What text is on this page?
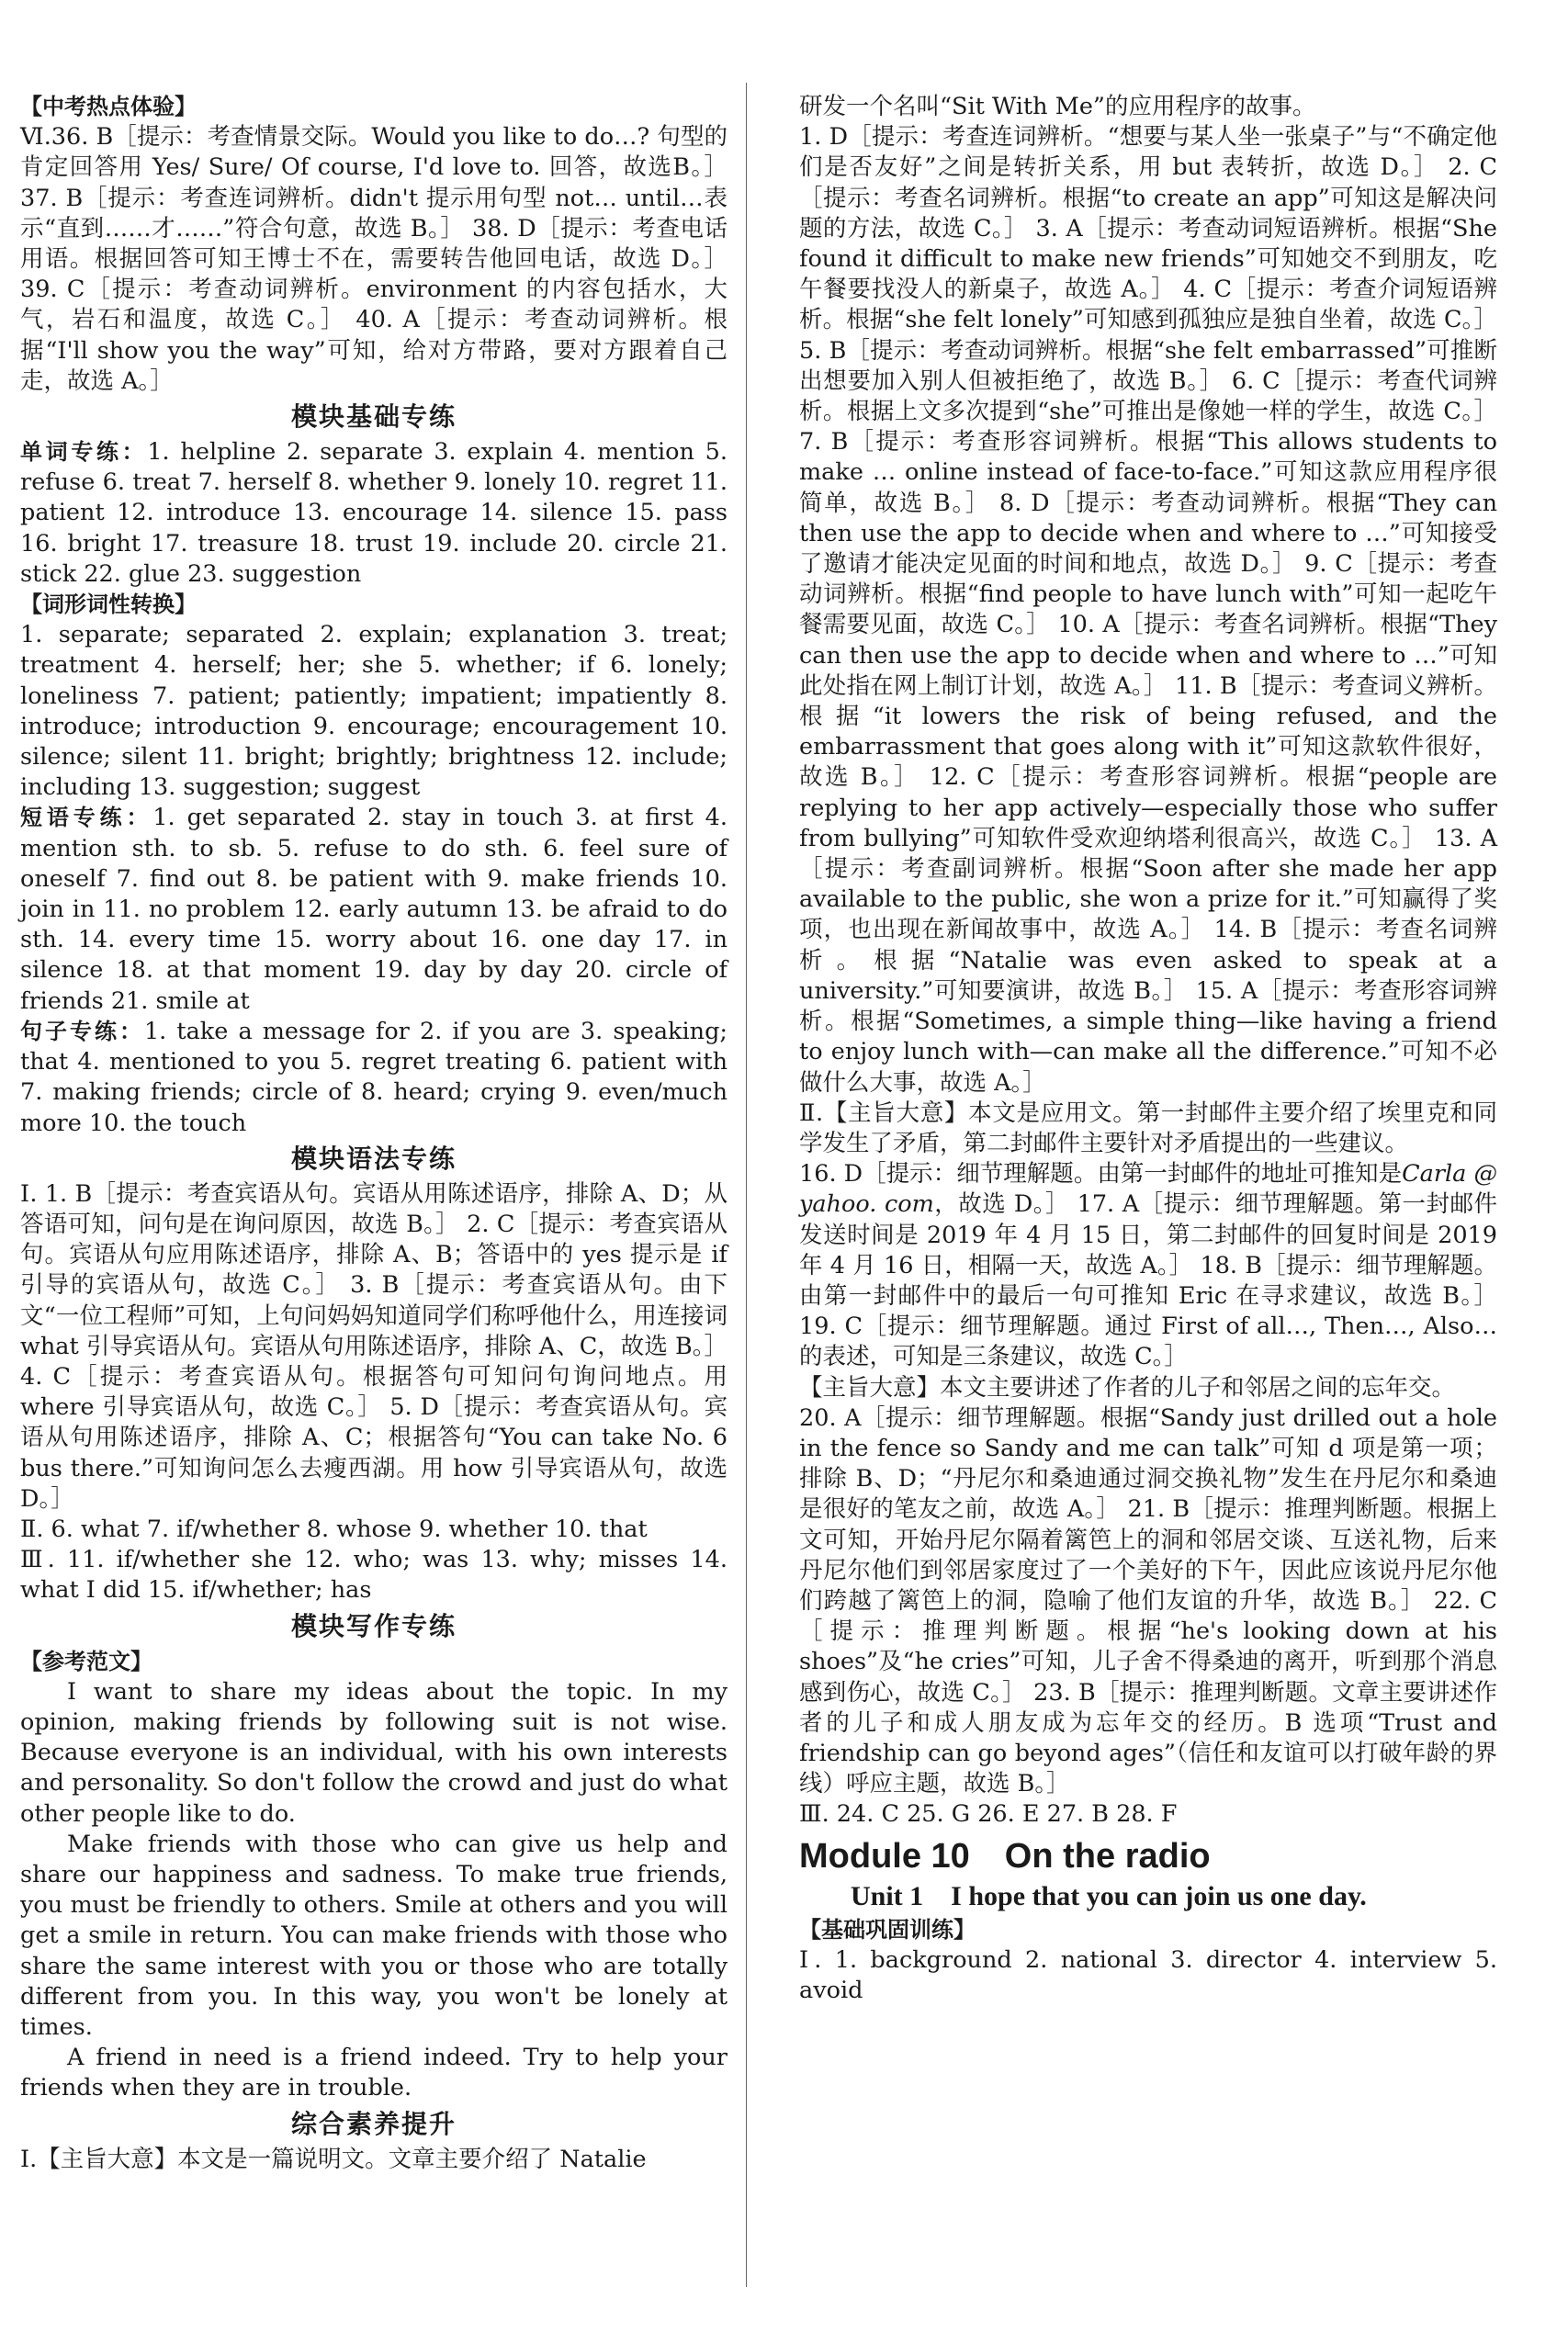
【中考热点体验】
Ⅵ.36. B［提示：考查情景交际。Would you like to do…? 句型的肯定回答用 Yes/ Sure/ Of course, I'd love to. 回答，故选B。］ 37. B［提示：考查连词辨析。didn't 提示用句型 not… until…表示“直到……才……”符合句意，故选 B。］ 38. D［提示：考查电话用语。根据回答可知王博士不在，需要转告他回电话，故选 D。］ 39. C［提示：考查动词辨析。environment 的内容包括水，大气，岩石和温度，故选 C。］ 40. A［提示：考查动词辨析。根据“I'll show you the way”可知，给对方带路，要对方跟着自己走，故选 A。］

模块基础专练

单词专练：1. helpline 2. separate 3. explain 4. mention 5. refuse 6. treat 7. herself 8. whether 9. lonely 10. regret 11. patient 12. introduce 13. encourage 14. silence 15. pass 16. bright 17. treasure 18. trust 19. include 20. circle 21. stick 22. glue 23. suggestion

【词形词性转换】
1. separate; separated 2. explain; explanation 3. treat; treatment 4. herself; her; she 5. whether; if 6. lonely; loneliness 7. patient; patiently; impatient; impatiently 8. introduce; introduction 9. encourage; encouragement 10. silence; silent 11. bright; brightly; brightness 12. include; including 13. suggestion; suggest

短语专练：1. get separated 2. stay in touch 3. at first 4. mention sth. to sb. 5. refuse to do sth. 6. feel sure of oneself 7. find out 8. be patient with 9. make friends 10. join in 11. no problem 12. early autumn 13. be afraid to do sth. 14. every time 15. worry about 16. one day 17. in silence 18. at that moment 19. day by day 20. circle of friends 21. smile at

句子专练：1. take a message for 2. if you are 3. speaking; that 4. mentioned to you 5. regret treating 6. patient with 7. making friends; circle of 8. heard; crying 9. even/much more 10. the touch

模块语法专练

Ⅰ. 1. B［提示：考查宾语从句。宾语从用陈述语序，排除 A、D；从答语可知，问句是在询问原因，故选 B。］ 2. C［提示：考查宾语从句。宾语从句应用陈述语序，排除 A、B；答语中的 yes 提示是 if 引导的宾语从句，故选 C。］ 3. B［提示：考查宾语从句。由下文“一位工程师”可知，上句问妈妈知道同学们称呼他什么，用连接词 what 引导宾语从句。宾语从句用陈述语序，排除 A、C，故选 B。］ 4. C［提示：考查宾语从句。根据答句可知问句询问地点。用 where 引导宾语从句，故选 C。］ 5. D［提示：考查宾语从句。宾语从句用陈述语序，排除 A、C；根据答句“You can take No. 6 bus there.”可知询问怎么去瘦西湖。用 how 引导宾语从句，故选 D。］

Ⅱ. 6. what 7. if/whether 8. whose 9. whether 10. that

Ⅲ. 11. if/whether she 12. who; was 13. why; misses 14. what I did 15. if/whether; has

模块写作专练

【参考范文】

I want to share my ideas about the topic. In my opinion, making friends by following suit is not wise. Because everyone is an individual, with his own interests and personality. So don't follow the crowd and just do what other people like to do.

Make friends with those who can give us help and share our happiness and sadness. To make true friends, you must be friendly to others. Smile at others and you will get a smile in return. You can make friends with those who share the same interest with you or those who are totally different from you. In this way, you won't be lonely at times.

A friend in need is a friend indeed. Try to help your friends when they are in trouble.

综合素养提升

Ⅰ.【主旨大意】本文是一篇说明文。文章主要介绍了 Natalie

研发一个名叫“Sit With Me”的应用程序的故事。

1. D［提示：考查连词辨析。“想要与某人坐一张桌子”与“不确定他们是否友好”之间是转折关系，用 but 表转折，故选 D。］ 2. C［提示：考查名词辨析。根据“to create an app”可知这是解决问题的方法，故选 C。］ 3. A［提示：考查动词短语辨析。根据“She found it difficult to make new friends”可知她交不到朋友，吃午餐要找没人的新桌子，故选 A。］ 4. C［提示：考查介词短语辨析。根据“she felt lonely”可知感到孤独应是独自坐着，故选 C。］ 5. B［提示：考查动词辨析。根据“she felt embarrassed”可推断出想要加入别人但被拒绝了，故选 B。］ 6. C［提示：考查代词辨析。根据上文多次提到“she”可推出是像她一样的学生，故选 C。］ 7. B［提示：考查形容词辨析。根据“This allows students to make … online instead of face-to-face.”可知这款应用程序很简单，故选 B。］ 8. D［提示：考查动词辨析。根据“They can then use the app to decide when and where to …”可知接受了邀请才能决定见面的时间和地点，故选 D。］ 9. C［提示：考查动词辨析。根据“find people to have lunch with”可知一起吃午餐需要见面，故选 C。］ 10. A［提示：考查名词辨析。根据“They can then use the app to decide when and where to …”可知此处指在网上制订计划，故选 A。］ 11. B［提示：考查词义辨析。根据“it lowers the risk of being refused, and the embarrassment that goes along with it”可知这款软件很好，故选 B。］ 12. C［提示：考查形容词辨析。根据“people are replying to her app actively—especially those who suffer from bullying”可知软件受欢迎纳塔利很高兴，故选 C。］ 13. A［提示：考查副词辨析。根据“Soon after she made her app available to the public, she won a prize for it.”可知赢得了奖项，也出现在新闻故事中，故选 A。］ 14. B［提示：考查名词辨析。根据“Natalie was even asked to speak at a university.”可知要演讲，故选 B。］ 15. A［提示：考查形容词辨析。根据“Sometimes, a simple thing—like having a friend to enjoy lunch with—can make all the difference.”可知不必做什么大事，故选 A。］

Ⅱ.【主旨大意】本文是应用文。第一封邮件主要介绍了埃里克和同学发生了矛盾，第二封邮件主要针对矛盾提出的一些建议。

16. D［提示：细节理解题。由第一封邮件的地址可推知是Carla @ yahoo. com，故选 D。］ 17. A［提示：细节理解题。第一封邮件发送时间是 2019 年 4 月 15 日，第二封邮件的回复时间是 2019 年 4 月 16 日，相隔一天，故选 A。］ 18. B［提示：细节理解题。由第一封邮件中的最后一句可推知 Eric 在寻求建议，故选 B。］ 19. C［提示：细节理解题。通过 First of all…, Then…, Also… 的表述，可知是三条建议，故选 C。］

【主旨大意】本文主要讲述了作者的儿子和邻居之间的忘年交。

20. A［提示：细节理解题。根据“Sandy just drilled out a hole in the fence so Sandy and me can talk”可知 d 项是第一项；排除 B、D；“丹尼尔和桑迪通过洞交换礼物”发生在丹尼尔和桑迪是很好的笔友之前，故选 A。］ 21. B［提示：推理判断题。根据上文可知，开始丹尼尔隔着篱笆上的洞和邻居交谈、互送礼物，后来丹尼尔他们到邻居家度过了一个美好的下午，因此应该说丹尼尔他们跨越了篱笆上的洞，隐喻了他们友谊的升华，故选 B。］ 22. C［提示：推理判断题。根据“he's looking down at his shoes”及“he cries”可知，儿子舍不得桑迪的离开，听到那个消息感到伤心，故选 C。］ 23. B［提示：推理判断题。文章主要讲述作者的儿子和成人朋友成为忘年交的经历。B 选项“Trust and friendship can go beyond ages”（信任和友谊可以打破年龄的界线）呼应主题，故选 B。］

Ⅲ. 24. C 25. G 26. E 27. B 28. F

Module 10　On the radio
Unit 1　I hope that you can join us one day.

【基础巩固训练】

Ⅰ. 1. background 2. national 3. director 4. interview 5. avoid
